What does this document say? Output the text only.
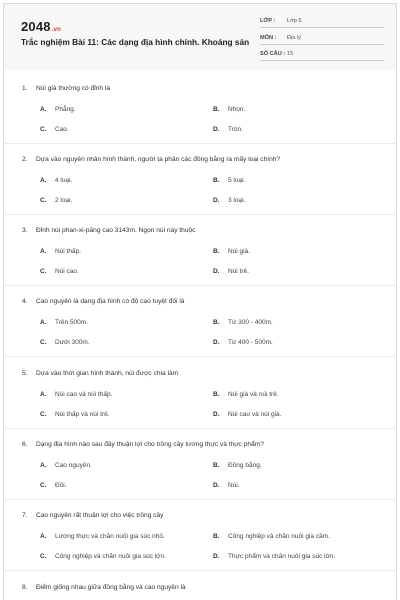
2048.vn
Trắc nghiệm Bài 11: Các dạng địa hình chính. Khoáng sản
LỚP : Lớp 6
MÔN : Địa lý
SỐ CÂU : 15
1. Núi già thường có đỉnh là
A. Phẳng.	B. Nhọn.
C. Cao.	D. Tròn.
2. Dựa vào nguyên nhân hình thành, người ta phân các đồng bằng ra mấy loại chính?
A. 4 loại.	B. 5 loại.
C. 2 loại.	D. 3 loại.
3. Đỉnh núi phan-xi-păng cao 3143m. Ngọn núi này thuộc
A. Núi thấp.	B. Núi già.
C. Núi cao.	D. Núi trẻ.
4. Cao nguyên là dạng địa hình có độ cao tuyệt đối là
A. Trên 500m.	B. Từ 300 - 400m.
C. Dưới 300m.	D. Từ 400 - 500m.
5. Dựa vào thời gian hình thành, núi được chia làm
A. Núi cao và núi thấp.	B. Núi già và núi trẻ.
C. Núi thấp và núi trẻ.	D. Núi cao và núi già.
6. Dạng địa hình nào sau đây thuận lợi cho trồng cây lương thực và thực phẩm?
A. Cao nguyên.	B. Đồng bằng.
C. Đồi.	D. Núi.
7. Cao nguyên rất thuận lợi cho việc trồng cây
A. Lương thực và chăn nuôi gia súc nhỏ.	B. Công nghiệp và chăn nuôi gia cầm.
C. Công nghiệp và chăn nuôi gia súc lớn.	D. Thực phẩm và chăn nuôi gia súc lớn.
8. Điểm giống nhau giữa đồng bằng và cao nguyên là
